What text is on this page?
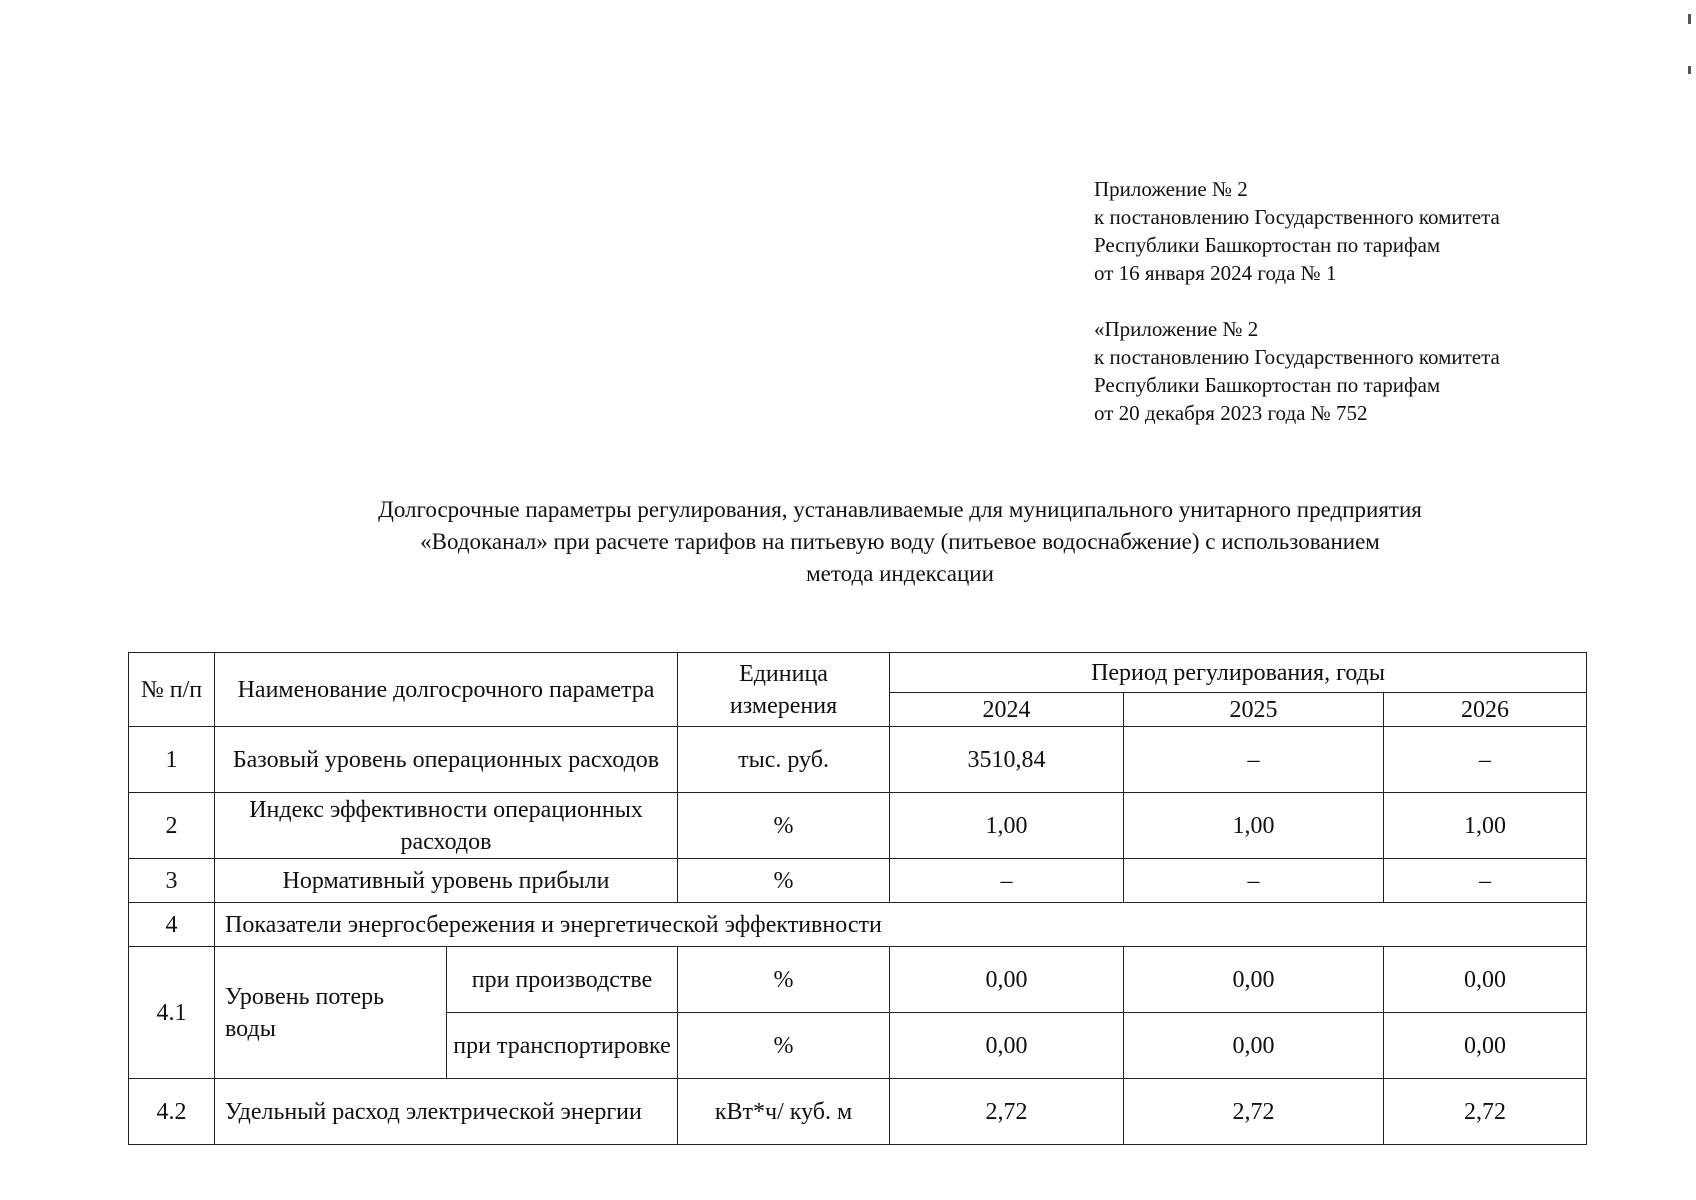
Приложение № 2
к постановлению Государственного комитета
Республики Башкортостан по тарифам
от 16 января 2024 года № 1
«Приложение № 2
к постановлению Государственного комитета
Республики Башкортостан по тарифам
от 20 декабря 2023 года № 752
Долгосрочные параметры регулирования, устанавливаемые для муниципального унитарного предприятия
«Водоканал» при расчете тарифов на питьевую воду (питьевое водоснабжение) с использованием
метода индексации
№ п/п	Наименование долгосрочного параметра		Единица измерения	Период регулирования, годы		
				2024	2025	2026
1	Базовый уровень операционных расходов		тыс. руб.	3510,84	–	–
2	Индекс эффективности операционных расходов		%	1,00	1,00	1,00
3	Нормативный уровень прибыли		%	–	–	–
4	Показатели энергосбережения и энергетической эффективности					
4.1	Уровень потерь воды	при производстве	%	0,00	0,00	0,00
		при транспортировке	%	0,00	0,00	0,00
4.2	Удельный расход электрической энергии		кВт*ч/ куб. м	2,72	2,72	2,72
